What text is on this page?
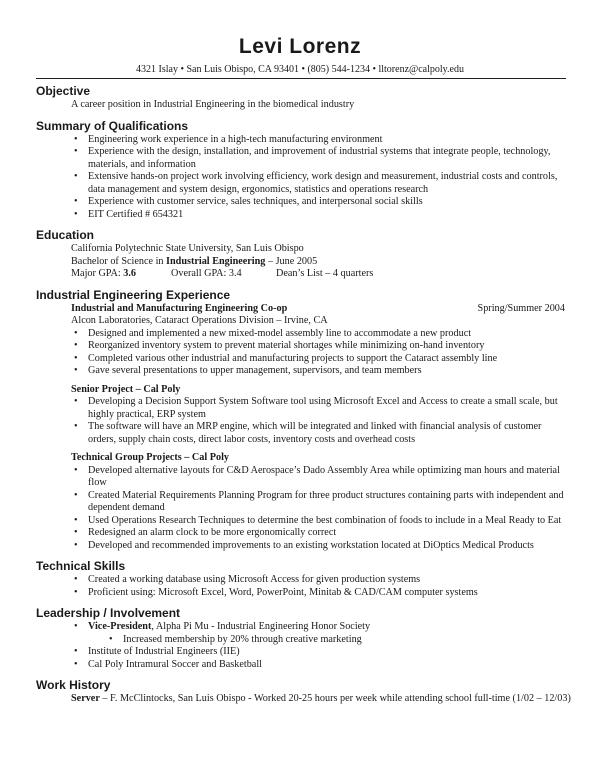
Levi Lorenz
4321 Islay • San Luis Obispo, CA 93401 • (805) 544-1234 • lltorenz@calpoly.edu
Objective
A career position in Industrial Engineering in the biomedical industry
Summary of Qualifications
• Engineering work experience in a high-tech manufacturing environment
• Experience with the design, installation, and improvement of industrial systems that integrate people, technology, materials, and information
• Extensive hands-on project work involving efficiency, work design and measurement, industrial costs and controls, data management and system design, ergonomics, statistics and operations research
• Experience with customer service, sales techniques, and interpersonal social skills
• EIT Certified # 654321
Education
California Polytechnic State University, San Luis Obispo
Bachelor of Science in Industrial Engineering – June 2005
Major GPA: 3.6	Overall GPA: 3.4	Dean’s List – 4 quarters
Industrial Engineering Experience
Industrial and Manufacturing Engineering Co-op	Spring/Summer 2004
Alcon Laboratories, Cataract Operations Division – Irvine, CA
• Designed and implemented a new mixed-model assembly line to accommodate a new product
• Reorganized inventory system to prevent material shortages while minimizing on-hand inventory
• Completed various other industrial and manufacturing projects to support the Cataract assembly line
• Gave several presentations to upper management, supervisors, and team members
Senior Project – Cal Poly
• Developing a Decision Support System Software tool using Microsoft Excel and Access to create a small scale, but highly practical, ERP system
• The software will have an MRP engine, which will be integrated and linked with financial analysis of customer orders, supply chain costs, direct labor costs, inventory costs and overhead costs
Technical Group Projects – Cal Poly
• Developed alternative layouts for C&D Aerospace’s Dado Assembly Area while optimizing man hours and material flow
• Created Material Requirements Planning Program for three product structures containing parts with independent and dependent demand
• Used Operations Research Techniques to determine the best combination of foods to include in a Meal Ready to Eat
• Redesigned an alarm clock to be more ergonomically correct
• Developed and recommended improvements to an existing workstation located at DiOptics Medical Products
Technical Skills
• Created a working database using Microsoft Access for given production systems
• Proficient using: Microsoft Excel, Word, PowerPoint, Minitab & CAD/CAM computer systems
Leadership / Involvement
• Vice-President, Alpha Pi Mu - Industrial Engineering Honor Society
• Increased membership by 20% through creative marketing
• Institute of Industrial Engineers (IIE)
• Cal Poly Intramural Soccer and Basketball
Work History
Server – F. McClintocks, San Luis Obispo - Worked 20-25 hours per week while attending school full-time (1/02 – 12/03)
